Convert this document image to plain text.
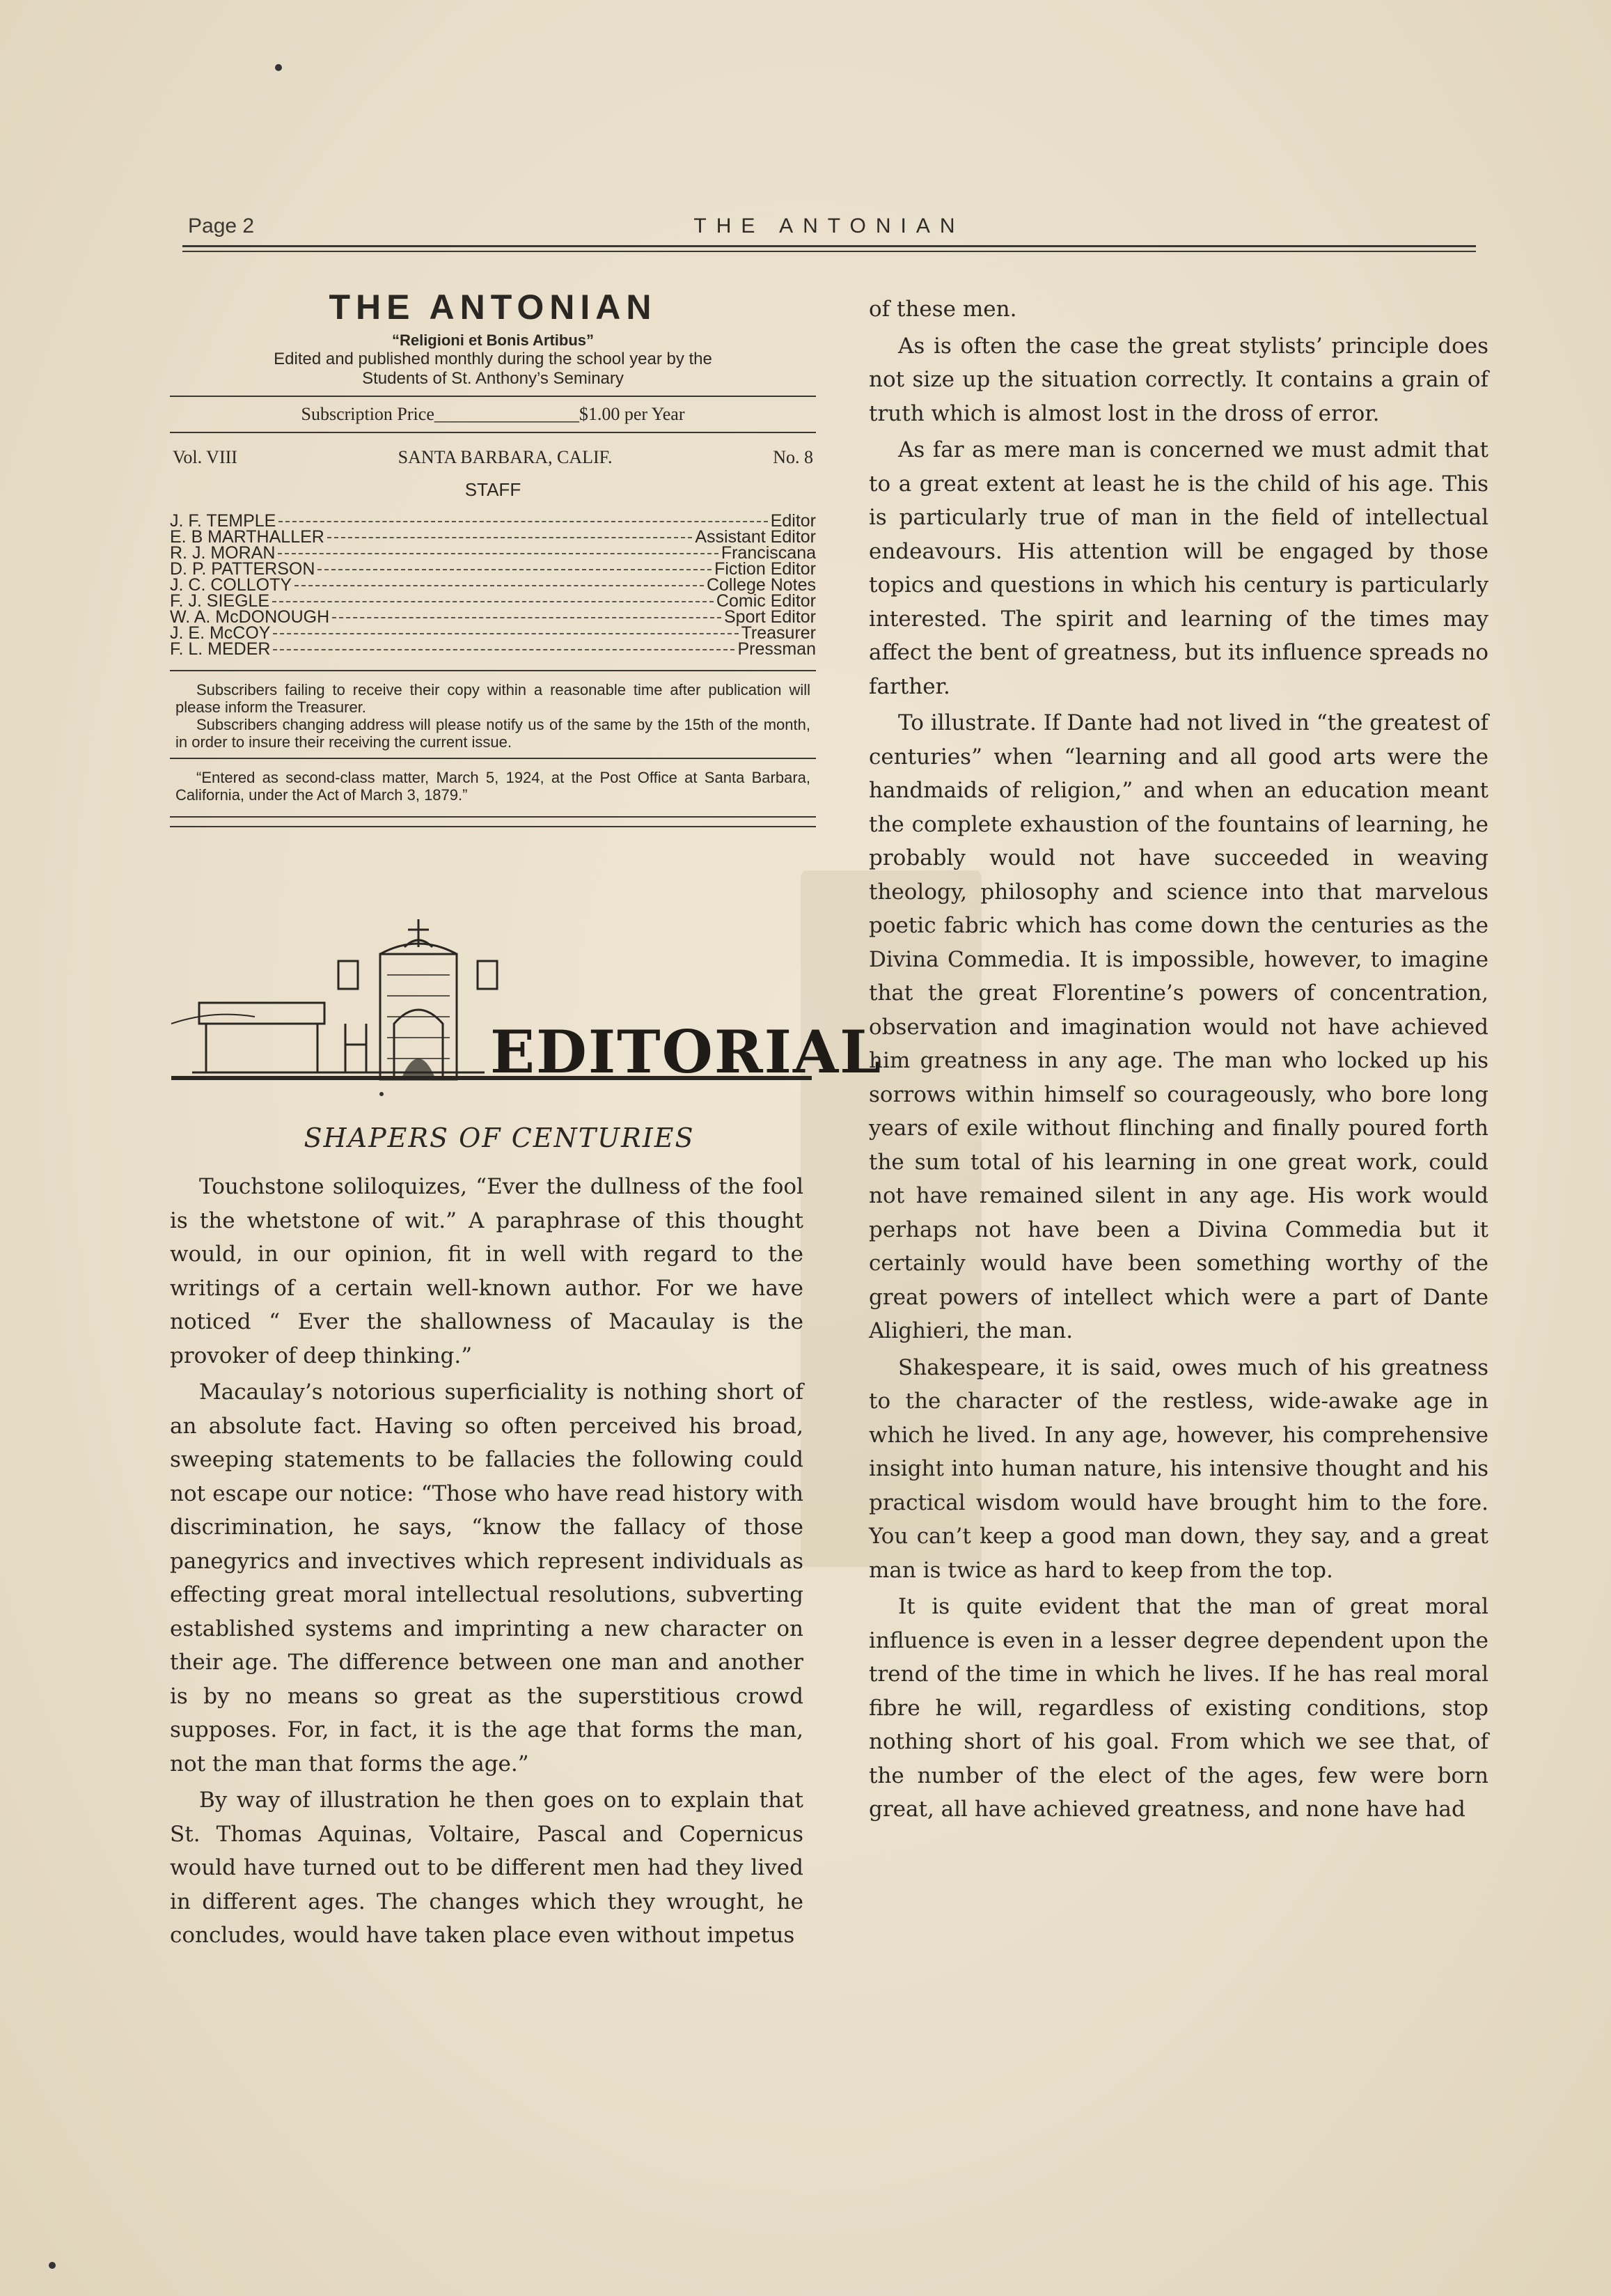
Page 2	THE ANTONIAN
THE ANTONIAN
“Religioni et Bonis Artibus”
Edited and published monthly during the school year by the
Students of St. Anthony’s Seminary
Subscription Price________________$1.00 per Year
Vol. VIII	SANTA BARBARA, CALIF.	No. 8
STAFF
J. F. TEMPLE	Editor
E. B MARTHALLER	Assistant Editor
R. J. MORAN	Franciscana
D. P. PATTERSON	Fiction Editor
J. C. COLLOTY	College Notes
F. J. SIEGLE	Comic Editor
W. A. McDONOUGH	Sport Editor
J. E. McCOY	Treasurer
F. L. MEDER	Pressman

Subscribers failing to receive their copy within a reasonable time after publication will please inform the Treasurer.

Subscribers changing address will please notify us of the same by the 15th of the month, in order to insure their receiving the current issue.

“Entered as second-class matter, March 5, 1924, at the Post Office at Santa Barbara, California, under the Act of March 3, 1879.”

EDITORIAL
SHAPERS OF CENTURIES

Touchstone soliloquizes, “Ever the dullness of the fool is the whetstone of wit.” A paraphrase of this thought would, in our opinion, fit in well with regard to the writings of a certain well-known author. For we have noticed “ Ever the shallowness of Macaulay is the provoker of deep thinking.”

Macaulay’s notorious superficiality is nothing short of an absolute fact. Having so often perceived his broad, sweeping statements to be fallacies the following could not escape our notice: “Those who have read history with discrimination, he says, “know the fallacy of those panegyrics and invectives which represent individuals as effecting great moral intellectual resolutions, subverting established systems and imprinting a new character on their age. The difference between one man and another is by no means so great as the superstitious crowd supposes. For, in fact, it is the age that forms the man, not the man that forms the age.”

By way of illustration he then goes on to explain that St. Thomas Aquinas, Voltaire, Pascal and Copernicus would have turned out to be different men had they lived in different ages. The changes which they wrought, he concludes, would have taken place even without impetus

of these men.

As is often the case the great stylists’ principle does not size up the situation correctly. It contains a grain of truth which is almost lost in the dross of error.

As far as mere man is concerned we must admit that to a great extent at least he is the child of his age. This is particularly true of man in the field of intellectual endeavours. His attention will be engaged by those topics and questions in which his century is particularly interested. The spirit and learning of the times may affect the bent of greatness, but its influence spreads no farther.

To illustrate. If Dante had not lived in “the greatest of centuries” when “learning and all good arts were the handmaids of religion,” and when an education meant the complete exhaustion of the fountains of learning, he probably would not have succeeded in weaving theology, philosophy and science into that marvelous poetic fabric which has come down the centuries as the Divina Commedia. It is impossible, however, to imagine that the great Florentine’s powers of concentration, observation and imagination would not have achieved him greatness in any age. The man who locked up his sorrows within himself so courageously, who bore long years of exile without flinching and finally poured forth the sum total of his learning in one great work, could not have remained silent in any age. His work would perhaps not have been a Divina Commedia but it certainly would have been something worthy of the great powers of intellect which were a part of Dante Alighieri, the man.

Shakespeare, it is said, owes much of his greatness to the character of the restless, wide-awake age in which he lived. In any age, however, his comprehensive insight into human nature, his intensive thought and his practical wisdom would have brought him to the fore. You can’t keep a good man down, they say, and a great man is twice as hard to keep from the top.

It is quite evident that the man of great moral influence is even in a lesser degree dependent upon the trend of the time in which he lives. If he has real moral fibre he will, regardless of existing conditions, stop nothing short of his goal. From which we see that, of the number of the elect of the ages, few were born great, all have achieved greatness, and none have had
